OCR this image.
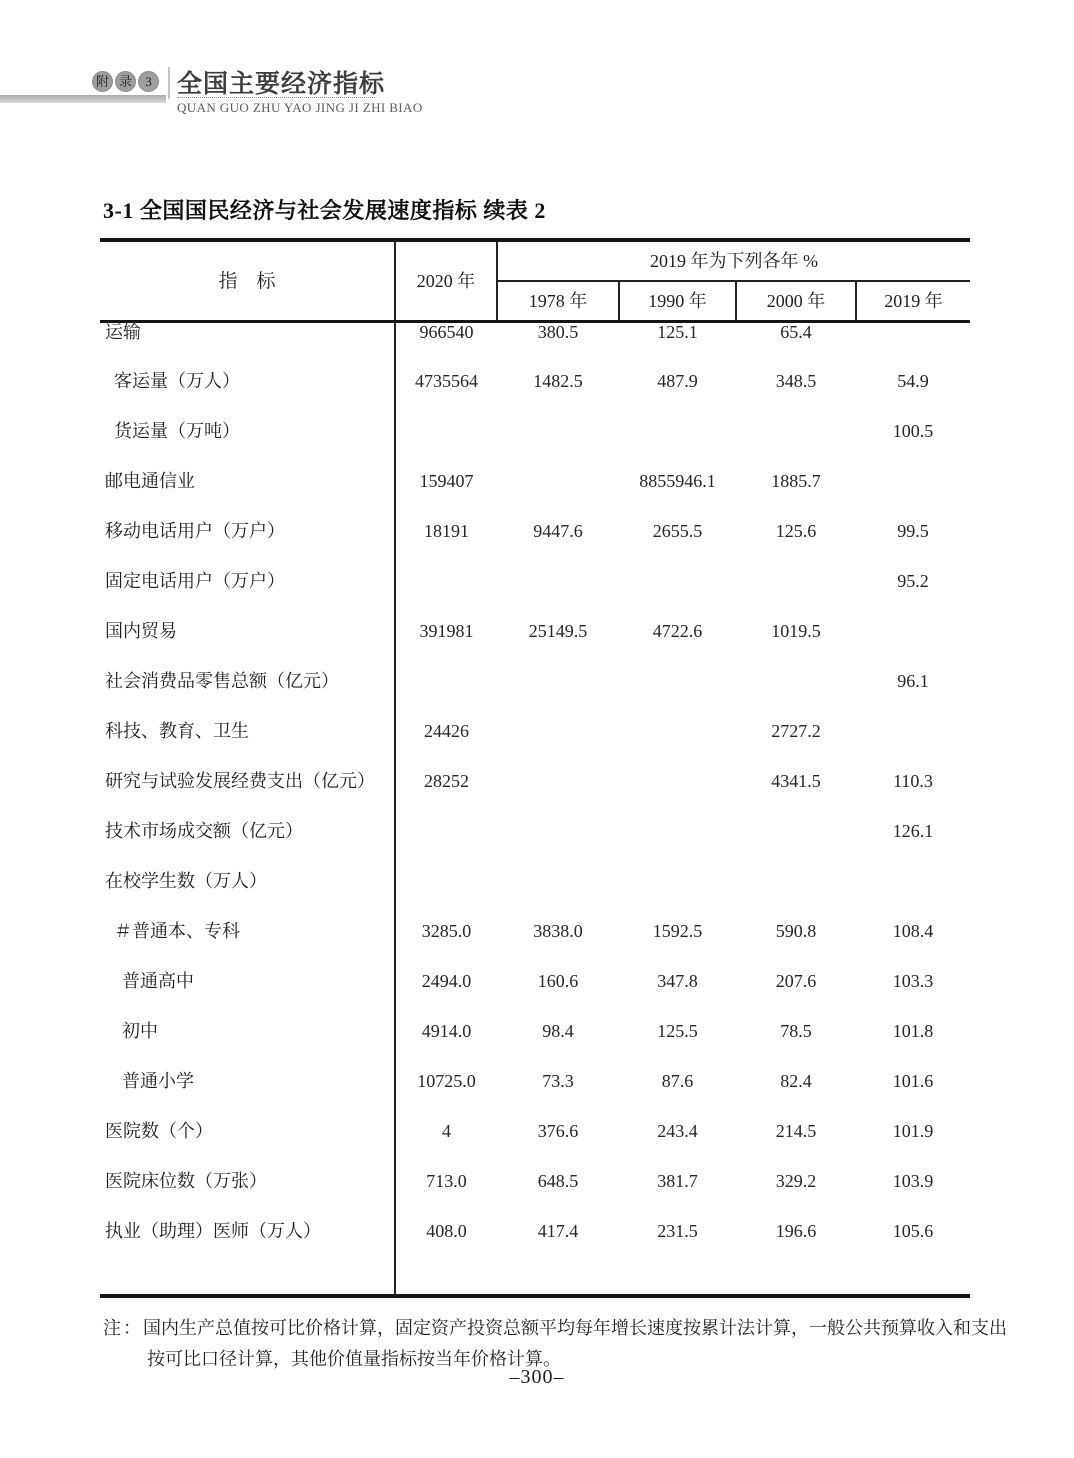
附 录	3 全国主要经济指标
QUAN GUO ZHU YAO JING JI ZHI BIAO
3-1 全国国民经济与社会发展速度指标 续表 2
指　标	2020 年	2019 年为下列各年 %			
		1978 年	1990 年	2000 年	2019 年
运输	966540	380.5	125.1	65.4	
客运量（万人）	4735564	1482.5	487.9	348.5	54.9
货运量（万吨）					100.5
邮电通信业	159407		8855946.1	1885.7	
移动电话用户（万户）	18191	9447.6	2655.5	125.6	99.5
固定电话用户（万户）					95.2
国内贸易	391981	25149.5	4722.6	1019.5	
社会消费品零售总额（亿元）					96.1
科技、教育、卫生	24426			2727.2	
研究与试验发展经费支出（亿元）	28252			4341.5	110.3
技术市场成交额（亿元）					126.1
在校学生数（万人）					
＃普通本、专科	3285.0	3838.0	1592.5	590.8	108.4
普通高中	2494.0	160.6	347.8	207.6	103.3
初中	4914.0	98.4	125.5	78.5	101.8
普通小学	10725.0	73.3	87.6	82.4	101.6
医院数（个）	4	376.6	243.4	214.5	101.9
医院床位数（万张）	713.0	648.5	381.7	329.2	103.9
执业（助理）医师（万人）	408.0	417.4	231.5	196.6	105.6

注：国内生产总值按可比价格计算，固定资产投资总额平均每年增长速度按累计法计算，一般公共预算收入和支出按可比口径计算，其他价值量指标按当年价格计算。
–300–
